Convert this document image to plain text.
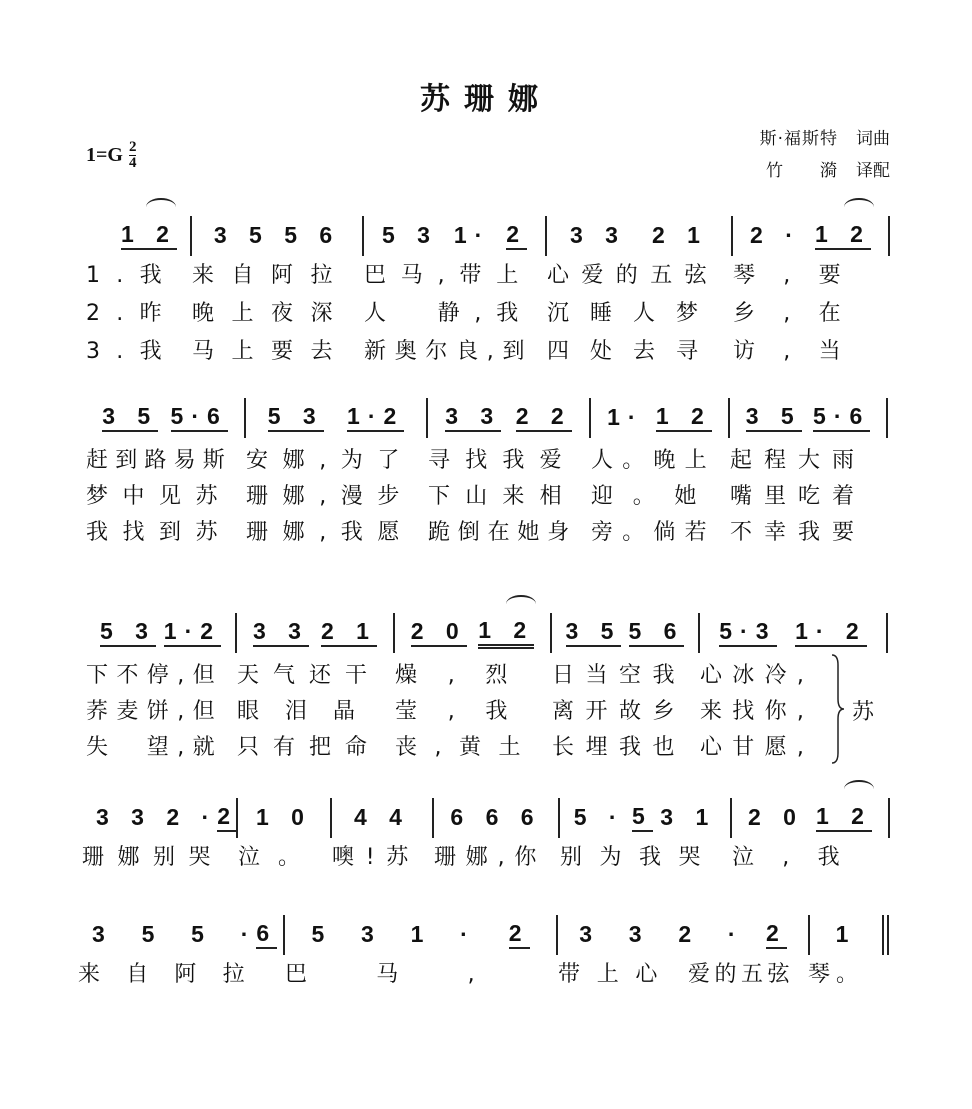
苏珊娜
$1=G \frac{2}{4}$
斯·福斯特 词曲
竹　　漪 译配
1 2 3 5 5 6 5 3 1· 2 3 3 2 1 2 · 1 2
1.我 来自阿拉 巴马,带上 心爱的五弦 琴,要
2.昨 晚上夜深 人　静,我 沉睡人梦 乡,在
3.我 马上要去 新奥尔良,到 四处去寻 访,当
3 5 5·6 5 3 1·2 3 3 2 2 1· 1 2 3 5 5·6
赶到路易斯 安娜,为了 寻找我爱 人。晚上 起程大雨
梦中见苏 珊娜,漫步 下山来相 迎。她 嘴里吃着
我找到苏 珊娜,我愿 跪倒在她身 旁。倘若 不幸我要
5 3 1·2 3 3 2 1 2 0 1 2 3 5 5 6 5·3 1· 2
下不停,但 天气还干 燥,烈 日当空我 心冰冷,
荞麦饼,但 眼泪晶 莹,我 离开故乡 来找你,
失　望,就 只有把命 丧,黄土 长埋我也 心甘愿,
苏
3 3 2 · 2 1 0 4 4 6 6 6 5 · 5 3 1 2 0 1 2
珊娜别哭 泣。 噢!苏 珊娜,你 别为我哭 泣,我
3  5  5  · 6 5  3  1  · 2 3  3  2  · 2 1
来自阿拉 巴马, 带上心 爱的五弦 琴。
